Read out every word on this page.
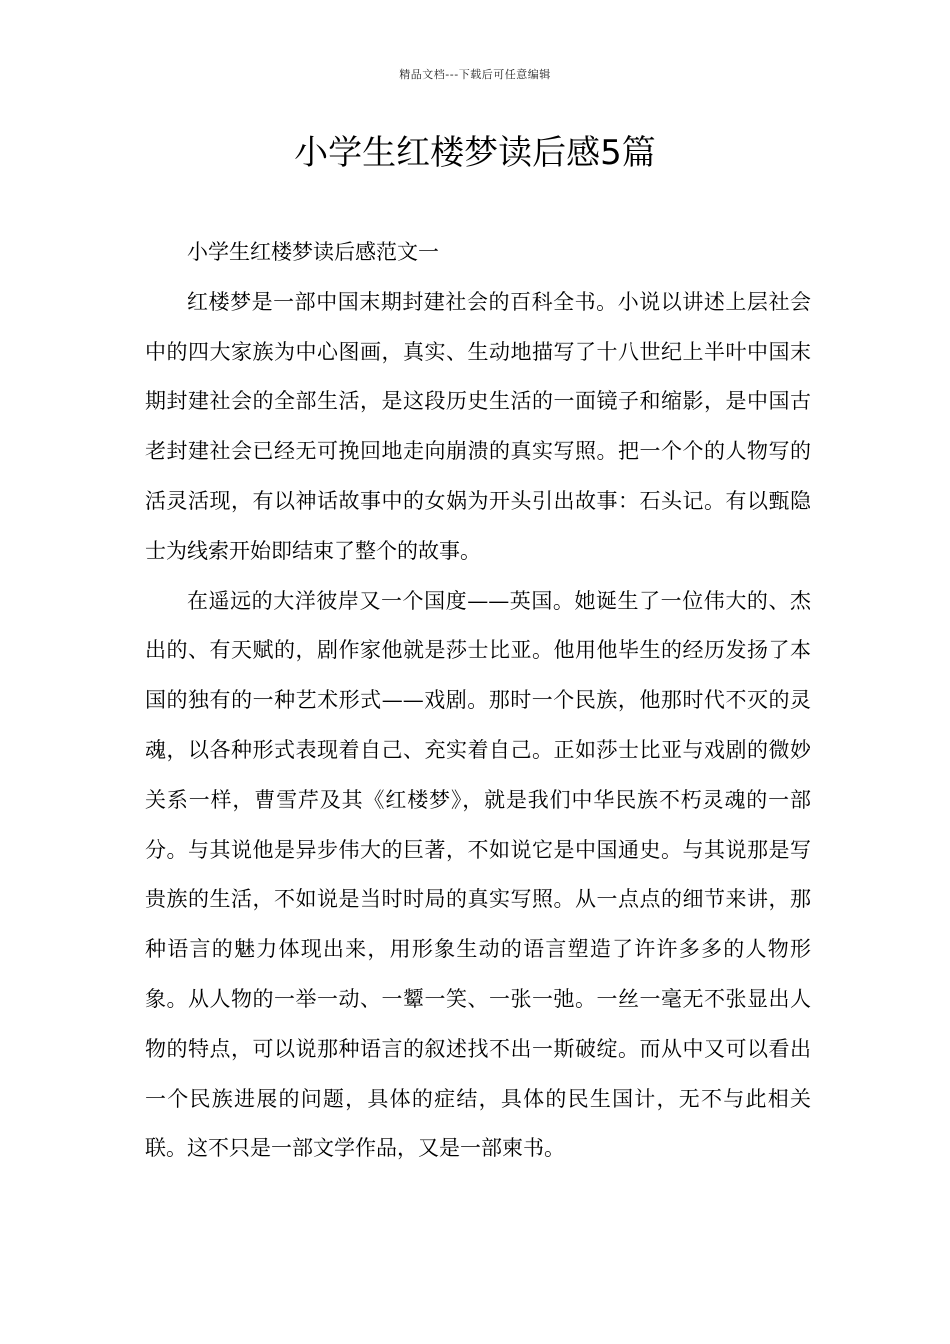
精品文档---下载后可任意编辑
小学生红楼梦读后感5篇

小学生红楼梦读后感范文一

红楼梦是一部中国末期封建社会的百科全书。小说以讲述上层社会中的四大家族为中心图画，真实、生动地描写了十八世纪上半叶中国末期封建社会的全部生活，是这段历史生活的一面镜子和缩影，是中国古老封建社会已经无可挽回地走向崩溃的真实写照。把一个个的人物写的活灵活现，有以神话故事中的女娲为开头引出故事：石头记。有以甄隐士为线索开始即结束了整个的故事。

在遥远的大洋彼岸又一个国度——英国。她诞生了一位伟大的、杰出的、有天赋的，剧作家他就是莎士比亚。他用他毕生的经历发扬了本国的独有的一种艺术形式——戏剧。那时一个民族，他那时代不灭的灵魂，以各种形式表现着自己、充实着自己。正如莎士比亚与戏剧的微妙关系一样，曹雪芹及其《红楼梦》，就是我们中华民族不朽灵魂的一部分。与其说他是异步伟大的巨著，不如说它是中国通史。与其说那是写贵族的生活，不如说是当时时局的真实写照。从一点点的细节来讲，那种语言的魅力体现出来，用形象生动的语言塑造了许许多多的人物形象。从人物的一举一动、一颦一笑、一张一弛。一丝一毫无不张显出人物的特点，可以说那种语言的叙述找不出一斯破绽。而从中又可以看出一个民族进展的问题，具体的症结，具体的民生国计，无不与此相关联。这不只是一部文学作品，又是一部柬书。
